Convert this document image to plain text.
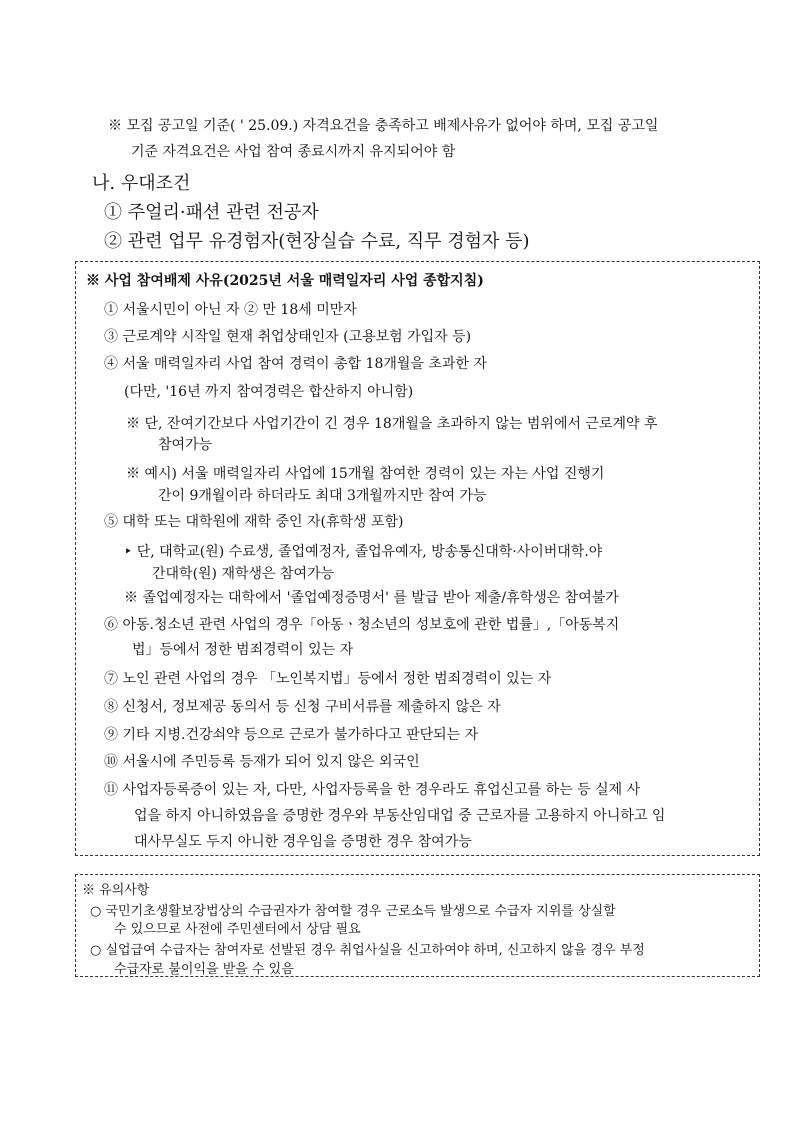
※ 모집 공고일 기준( ' 25.09.) 자격요건을 충족하고 배제사유가 없어야 하며, 모집 공고일
기준 자격요건은 사업 참여 종료시까지 유지되어야 함
나. 우대조건
① 주얼리·패션 관련 전공자
② 관련 업무 유경험자(현장실습 수료, 직무 경험자 등)
※ 사업 참여배제 사유(2025년 서울 매력일자리 사업 종합지침)
① 서울시민이 아닌 자 ② 만 18세 미만자
③ 근로계약 시작일 현재 취업상태인자 (고용보험 가입자 등)
④ 서울 매력일자리 사업 참여 경력이 총합 18개월을 초과한 자
(다만, '16년 까지 참여경력은 합산하지 아니함)
※ 단, 잔여기간보다 사업기간이 긴 경우 18개월을 초과하지 않는 범위에서 근로계약 후
참여가능
※ 예시) 서울 매력일자리 사업에 15개월 참여한 경력이 있는 자는 사업 진행기
간이 9개월이라 하더라도 최대 3개월까지만 참여 가능
⑤ 대학 또는 대학원에 재학 중인 자(휴학생 포함)
‣ 단, 대학교(원) 수료생, 졸업예정자, 졸업유예자, 방송통신대학·사이버대학.야
간대학(원) 재학생은 참여가능
※ 졸업예정자는 대학에서 '졸업예정증명서' 를 발급 받아 제출/휴학생은 참여불가
⑥ 아동.청소년 관련 사업의 경우「아동ㆍ청소년의 성보호에 관한 법률」,「아동복지
법」등에서 정한 범죄경력이 있는 자
⑦ 노인 관련 사업의 경우 「노인복지법」등에서 정한 범죄경력이 있는 자
⑧ 신청서, 정보제공 동의서 등 신청 구비서류를 제출하지 않은 자
⑨ 기타 지병.건강쇠약 등으로 근로가 불가하다고 판단되는 자
⑩ 서울시에 주민등록 등재가 되어 있지 않은 외국인
⑪ 사업자등록증이 있는 자, 다만, 사업자등록을 한 경우라도 휴업신고를 하는 등 실제 사
업을 하지 아니하였음을 증명한 경우와 부동산임대업 중 근로자를 고용하지 아니하고 임
대사무실도 두지 아니한 경우임을 증명한 경우 참여가능
※ 유의사항
○ 국민기초생활보장법상의 수급권자가 참여할 경우 근로소득 발생으로 수급자 지위를 상실할
수 있으므로 사전에 주민센터에서 상담 필요
○ 실업급여 수급자는 참여자로 선발된 경우 취업사실을 신고하여야 하며, 신고하지 않을 경우 부정
수급자로 불이익을 받을 수 있음
